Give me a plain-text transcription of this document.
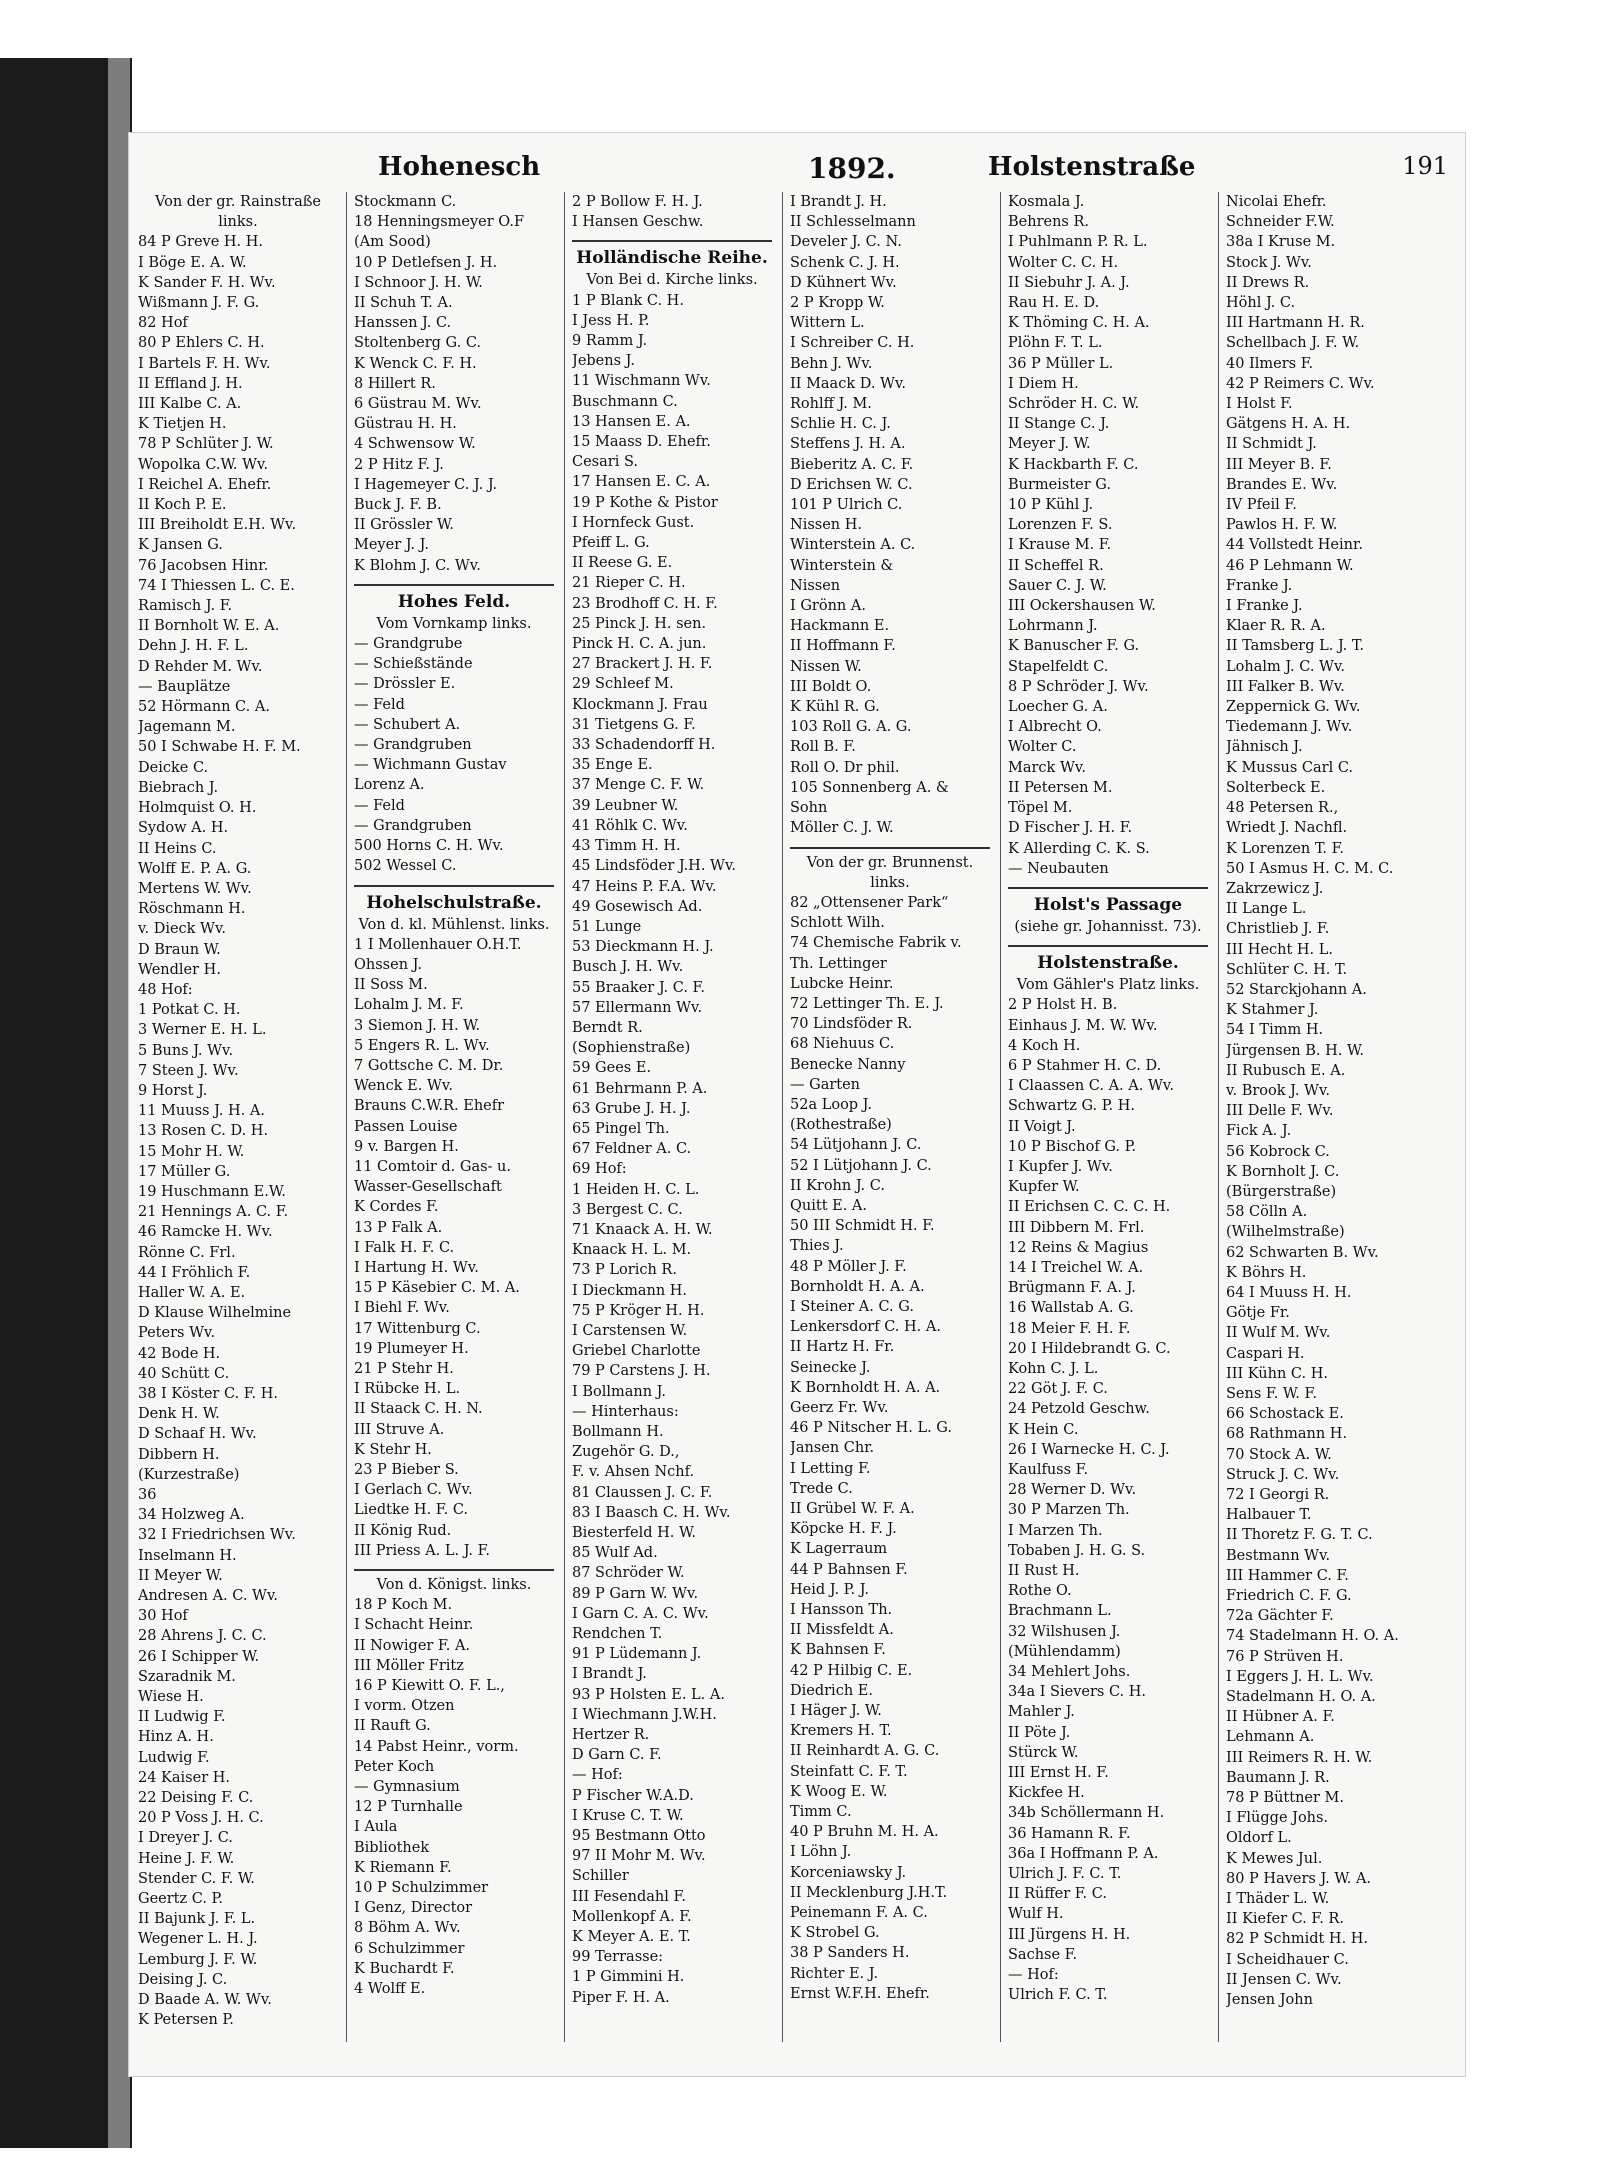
Hohenesch	1892.	Holstenstraße	191
Von der gr. Rainstraße
links.
84 P Greve H. H.
I Böge E. A. W.
K Sander F. H. Wv.
Wißmann J. F. G.
82 Hof
80 P Ehlers C. H.
I Bartels F. H. Wv.
II Effland J. H.
III Kalbe C. A.
K Tietjen H.
78 P Schlüter J. W.
Wopolka C.W. Wv.
I Reichel A. Ehefr.
II Koch P. E.
III Breiholdt E.H. Wv.
K Jansen G.
76 Jacobsen Hinr.
74 I Thiessen L. C. E.
Ramisch J. F.
II Bornholt W. E. A.
Dehn J. H. F. L.
D Rehder M. Wv.
— Bauplätze
52 Hörmann C. A.
Jagemann M.
50 I Schwabe H. F. M.
Deicke C.
Biebrach J.
Holmquist O. H.
Sydow A. H.
II Heins C.
Wolff E. P. A. G.
Mertens W. Wv.
Röschmann H.
v. Dieck Wv.
D Braun W.
Wendler H.
48 Hof:
1 Potkat C. H.
3 Werner E. H. L.
5 Buns J. Wv.
7 Steen J. Wv.
9 Horst J.
11 Muuss J. H. A.
13 Rosen C. D. H.
15 Mohr H. W.
17 Müller G.
19 Huschmann E.W.
21 Hennings A. C. F.
46 Ramcke H. Wv.
Rönne C. Frl.
44 I Fröhlich F.
Haller W. A. E.
D Klause Wilhelmine
Peters Wv.
42 Bode H.
40 Schütt C.
38 I Köster C. F. H.
Denk H. W.
D Schaaf H. Wv.
Dibbern H.
(Kurzestraße)
36
34 Holzweg A.
32 I Friedrichsen Wv.
Inselmann H.
II Meyer W.
Andresen A. C. Wv.
30 Hof
28 Ahrens J. C. C.
26 I Schipper W.
Szaradnik M.
Wiese H.
II Ludwig F.
Hinz A. H.
Ludwig F.
24 Kaiser H.
22 Deising F. C.
20 P Voss J. H. C.
I Dreyer J. C.
Heine J. F. W.
Stender C. F. W.
Geertz C. P.
II Bajunk J. F. L.
Wegener L. H. J.
Lemburg J. F. W.
Deising J. C.
D Baade A. W. Wv.
K Petersen P.
Stockmann C.
18 Henningsmeyer O.F
(Am Sood)
10 P Detlefsen J. H.
I Schnoor J. H. W.
II Schuh T. A.
Hanssen J. C.
Stoltenberg G. C.
K Wenck C. F. H.
8 Hillert R.
6 Güstrau M. Wv.
Güstrau H. H.
4 Schwensow W.
2 P Hitz F. J.
I Hagemeyer C. J. J.
Buck J. F. B.
II Grössler W.
Meyer J. J.
K Blohm J. C. Wv.
Hohes Feld.
Vom Vornkamp links.
— Grandgrube
— Schießstände
— Drössler E.
— Feld
— Schubert A.
— Grandgruben
— Wichmann Gustav
Lorenz A.
— Feld
— Grandgruben
500 Horns C. H. Wv.
502 Wessel C.
Hohelschulstraße.
Von d. kl. Mühlenst. links.
1 I Mollenhauer O.H.T.
Ohssen J.
II Soss M.
Lohalm J. M. F.
3 Siemon J. H. W.
5 Engers R. L. Wv.
7 Gottsche C. M. Dr.
Wenck E. Wv.
Brauns C.W.R. Ehefr
Passen Louise
9 v. Bargen H.
11 Comtoir d. Gas- u.
Wasser-Gesellschaft
K Cordes F.
13 P Falk A.
I Falk H. F. C.
I Hartung H. Wv.
15 P Käsebier C. M. A.
I Biehl F. Wv.
17 Wittenburg C.
19 Plumeyer H.
21 P Stehr H.
I Rübcke H. L.
II Staack C. H. N.
III Struve A.
K Stehr H.
23 P Bieber S.
I Gerlach C. Wv.
Liedtke H. F. C.
II König Rud.
III Priess A. L. J. F.
Von d. Königst. links.
18 P Koch M.
I Schacht Heinr.
II Nowiger F. A.
III Möller Fritz
16 P Kiewitt O. F. L.,
I vorm. Otzen
II Rauft G.
14 Pabst Heinr., vorm.
Peter Koch
— Gymnasium
12 P Turnhalle
I Aula
Bibliothek
K Riemann F.
10 P Schulzimmer
I Genz, Director
8 Böhm A. Wv.
6 Schulzimmer
K Buchardt F.
4 Wolff E.
2 P Bollow F. H. J.
I Hansen Geschw.
Holländische Reihe.
Von Bei d. Kirche links.
1 P Blank C. H.
I Jess H. P.
9 Ramm J.
Jebens J.
11 Wischmann Wv.
Buschmann C.
13 Hansen E. A.
15 Maass D. Ehefr.
Cesari S.
17 Hansen E. C. A.
19 P Kothe & Pistor
I Hornfeck Gust.
Pfeiff L. G.
II Reese G. E.
21 Rieper C. H.
23 Brodhoff C. H. F.
25 Pinck J. H. sen.
Pinck H. C. A. jun.
27 Brackert J. H. F.
29 Schleef M.
Klockmann J. Frau
31 Tietgens G. F.
33 Schadendorff H.
35 Enge E.
37 Menge C. F. W.
39 Leubner W.
41 Röhlk C. Wv.
43 Timm H. H.
45 Lindsföder J.H. Wv.
47 Heins P. F.A. Wv.
49 Gosewisch Ad.
51 Lunge
53 Dieckmann H. J.
Busch J. H. Wv.
55 Braaker J. C. F.
57 Ellermann Wv.
Berndt R.
(Sophienstraße)
59 Gees E.
61 Behrmann P. A.
63 Grube J. H. J.
65 Pingel Th.
67 Feldner A. C.
69 Hof:
1 Heiden H. C. L.
3 Bergest C. C.
71 Knaack A. H. W.
Knaack H. L. M.
73 P Lorich R.
I Dieckmann H.
75 P Kröger H. H.
I Carstensen W.
Griebel Charlotte
79 P Carstens J. H.
I Bollmann J.
— Hinterhaus:
Bollmann H.
Zugehör G. D.,
F. v. Ahsen Nchf.
81 Claussen J. C. F.
83 I Baasch C. H. Wv.
Biesterfeld H. W.
85 Wulf Ad.
87 Schröder W.
89 P Garn W. Wv.
I Garn C. A. C. Wv.
Rendchen T.
91 P Lüdemann J.
I Brandt J.
93 P Holsten E. L. A.
I Wiechmann J.W.H.
Hertzer R.
D Garn C. F.
— Hof:
P Fischer W.A.D.
I Kruse C. T. W.
95 Bestmann Otto
97 II Mohr M. Wv.
Schiller
III Fesendahl F.
Mollenkopf A. F.
K Meyer A. E. T.
99 Terrasse:
1 P Gimmini H.
Piper F. H. A.
I Brandt J. H.
II Schlesselmann
Develer J. C. N.
Schenk C. J. H.
D Kühnert Wv.
2 P Kropp W.
Wittern L.
I Schreiber C. H.
Behn J. Wv.
II Maack D. Wv.
Rohlff J. M.
Schlie H. C. J.
Steffens J. H. A.
Bieberitz A. C. F.
D Erichsen W. C.
101 P Ulrich C.
Nissen H.
Winterstein A. C.
Winterstein &
Nissen
I Grönn A.
Hackmann E.
II Hoffmann F.
Nissen W.
III Boldt O.
K Kühl R. G.
103 Roll G. A. G.
Roll B. F.
Roll O. Dr phil.
105 Sonnenberg A. &
Sohn
Möller C. J. W.
Von der gr. Brunnenst.
links.
82 „Ottensener Park“
Schlott Wilh.
74 Chemische Fabrik v.
Th. Lettinger
Lubcke Heinr.
72 Lettinger Th. E. J.
70 Lindsföder R.
68 Niehuus C.
Benecke Nanny
— Garten
52a Loop J.
(Rothestraße)
54 Lütjohann J. C.
52 I Lütjohann J. C.
II Krohn J. C.
Quitt E. A.
50 III Schmidt H. F.
Thies J.
48 P Möller J. F.
Bornholdt H. A. A.
I Steiner A. C. G.
Lenkersdorf C. H. A.
II Hartz H. Fr.
Seinecke J.
K Bornholdt H. A. A.
Geerz Fr. Wv.
46 P Nitscher H. L. G.
Jansen Chr.
I Letting F.
Trede C.
II Grübel W. F. A.
Köpcke H. F. J.
K Lagerraum
44 P Bahnsen F.
Heid J. P. J.
I Hansson Th.
II Missfeldt A.
K Bahnsen F.
42 P Hilbig C. E.
Diedrich E.
I Häger J. W.
Kremers H. T.
II Reinhardt A. G. C.
Steinfatt C. F. T.
K Woog E. W.
Timm C.
40 P Bruhn M. H. A.
I Löhn J.
Korceniawsky J.
II Mecklenburg J.H.T.
Peinemann F. A. C.
K Strobel G.
38 P Sanders H.
Richter E. J.
Ernst W.F.H. Ehefr.
Kosmala J.
Behrens R.
I Puhlmann P. R. L.
Wolter C. C. H.
II Siebuhr J. A. J.
Rau H. E. D.
K Thöming C. H. A.
Plöhn F. T. L.
36 P Müller L.
I Diem H.
Schröder H. C. W.
II Stange C. J.
Meyer J. W.
K Hackbarth F. C.
Burmeister G.
10 P Kühl J.
Lorenzen F. S.
I Krause M. F.
II Scheffel R.
Sauer C. J. W.
III Ockershausen W.
Lohrmann J.
K Banuscher F. G.
Stapelfeldt C.
8 P Schröder J. Wv.
Loecher G. A.
I Albrecht O.
Wolter C.
Marck Wv.
II Petersen M.
Töpel M.
D Fischer J. H. F.
K Allerding C. K. S.
— Neubauten
Holst's Passage
(siehe gr. Johannisst. 73).
Holstenstraße.
Vom Gähler's Platz links.
2 P Holst H. B.
Einhaus J. M. W. Wv.
4 Koch H.
6 P Stahmer H. C. D.
I Claassen C. A. A. Wv.
Schwartz G. P. H.
II Voigt J.
10 P Bischof G. P.
I Kupfer J. Wv.
Kupfer W.
II Erichsen C. C. C. H.
III Dibbern M. Frl.
12 Reins & Magius
14 I Treichel W. A.
Brügmann F. A. J.
16 Wallstab A. G.
18 Meier F. H. F.
20 I Hildebrandt G. C.
Kohn C. J. L.
22 Göt J. F. C.
24 Petzold Geschw.
K Hein C.
26 I Warnecke H. C. J.
Kaulfuss F.
28 Werner D. Wv.
30 P Marzen Th.
I Marzen Th.
Tobaben J. H. G. S.
II Rust H.
Rothe O.
Brachmann L.
32 Wilshusen J.
(Mühlendamm)
34 Mehlert Johs.
34a I Sievers C. H.
Mahler J.
II Pöte J.
Stürck W.
III Ernst H. F.
Kickfee H.
34b Schöllermann H.
36 Hamann R. F.
36a I Hoffmann P. A.
Ulrich J. F. C. T.
II Rüffer F. C.
Wulf H.
III Jürgens H. H.
Sachse F.
— Hof:
Ulrich F. C. T.
Nicolai Ehefr.
Schneider F.W.
38a I Kruse M.
Stock J. Wv.
II Drews R.
Höhl J. C.
III Hartmann H. R.
Schellbach J. F. W.
40 Ilmers F.
42 P Reimers C. Wv.
I Holst F.
Gätgens H. A. H.
II Schmidt J.
III Meyer B. F.
Brandes E. Wv.
IV Pfeil F.
Pawlos H. F. W.
44 Vollstedt Heinr.
46 P Lehmann W.
Franke J.
I Franke J.
Klaer R. R. A.
II Tamsberg L. J. T.
Lohalm J. C. Wv.
III Falker B. Wv.
Zeppernick G. Wv.
Tiedemann J. Wv.
Jähnisch J.
K Mussus Carl C.
Solterbeck E.
48 Petersen R.,
Wriedt J. Nachfl.
K Lorenzen T. F.
50 I Asmus H. C. M. C.
Zakrzewicz J.
II Lange L.
Christlieb J. F.
III Hecht H. L.
Schlüter C. H. T.
52 Starckjohann A.
K Stahmer J.
54 I Timm H.
Jürgensen B. H. W.
II Rubusch E. A.
v. Brook J. Wv.
III Delle F. Wv.
Fick A. J.
56 Kobrock C.
K Bornholt J. C.
(Bürgerstraße)
58 Cölln A.
(Wilhelmstraße)
62 Schwarten B. Wv.
K Böhrs H.
64 I Muuss H. H.
Götje Fr.
II Wulf M. Wv.
Caspari H.
III Kühn C. H.
Sens F. W. F.
66 Schostack E.
68 Rathmann H.
70 Stock A. W.
Struck J. C. Wv.
72 I Georgi R.
Halbauer T.
II Thoretz F. G. T. C.
Bestmann Wv.
III Hammer C. F.
Friedrich C. F. G.
72a Gächter F.
74 Stadelmann H. O. A.
76 P Strüven H.
I Eggers J. H. L. Wv.
Stadelmann H. O. A.
II Hübner A. F.
Lehmann A.
III Reimers R. H. W.
Baumann J. R.
78 P Büttner M.
I Flügge Johs.
Oldorf L.
K Mewes Jul.
80 P Havers J. W. A.
I Thäder L. W.
II Kiefer C. F. R.
82 P Schmidt H. H.
I Scheidhauer C.
II Jensen C. Wv.
Jensen John
